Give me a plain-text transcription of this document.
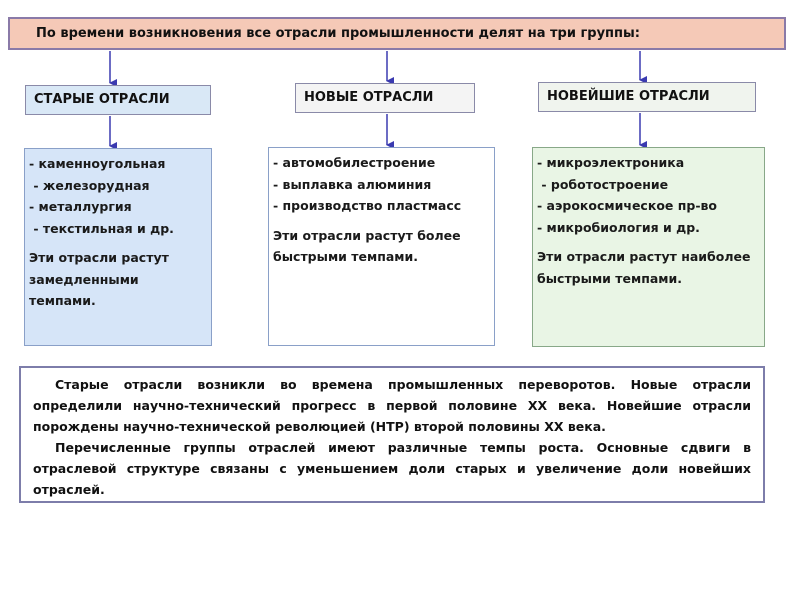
По времени возникновения все отрасли промышленности делят на три группы:
СТАРЫЕ ОТРАСЛИ	НОВЫЕ ОТРАСЛИ	НОВЕЙШИЕ ОТРАСЛИ
- каменноугольная
- железорудная
- металлургия
- текстильная и др.
Эти отрасли растут замедленными темпами.
- автомобилестроение
- выплавка алюминия
- производство пластмасс
Эти отрасли растут более быстрыми темпами.
- микроэлектроника
- роботостроение
- аэрокосмическое пр-во
- микробиология и др.
Эти отрасли растут наиболее быстрыми темпами.

Старые отрасли возникли во времена промышленных переворотов. Новые отрасли определили научно-технический прогресс в первой половине XX века. Новейшие отрасли порождены научно-технической революцией (НТР) второй половины XX века.

Перечисленные группы отраслей имеют различные темпы роста. Основные сдвиги в отраслевой структуре связаны с уменьшением доли старых и увеличение доли новейших отраслей.
